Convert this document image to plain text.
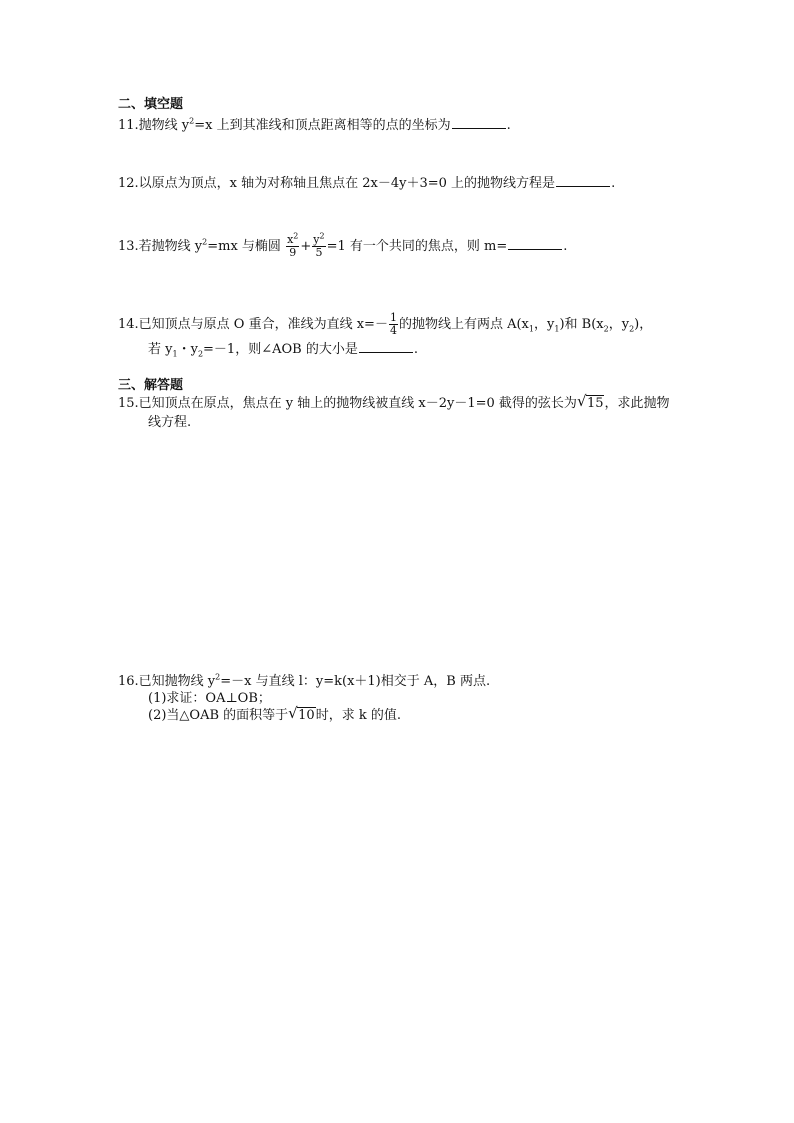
二、填空题
11.抛物线 $y^2=x$ 上到其准线和顶点距离相等的点的坐标为	.
12.以原点为顶点，x 轴为对称轴且焦点在 2x－4y＋3=0 上的抛物线方程是	.
13.若抛物线 $y^2=mx$ 与椭圆 $\frac{x^2}{9} + \frac{y^2}{5} =1$ 有一个共同的焦点，则 m=	.
14.已知顶点与原点 O 重合，准线为直线 $x=- \frac{1}{4}$ 的抛物线上有两点 $A(x_1$，$y_1$)和 $B(x_2$，$y_2$)，
若 $y_1$・$y_2=-1$，则∠AOB 的大小是	.
三、解答题
15.已知顶点在原点，焦点在 y 轴上的抛物线被直线 x－2y－1=0 截得的弦长为 √ 15，求此抛物
线方程.
16.已知抛物线 $y^2=-x$ 与直线 l：y=k(x＋1)相交于 A，B 两点.
(1)求证：OA⊥OB；
(2)当△OAB 的面积等于 √ 10时，求 k 的值.
